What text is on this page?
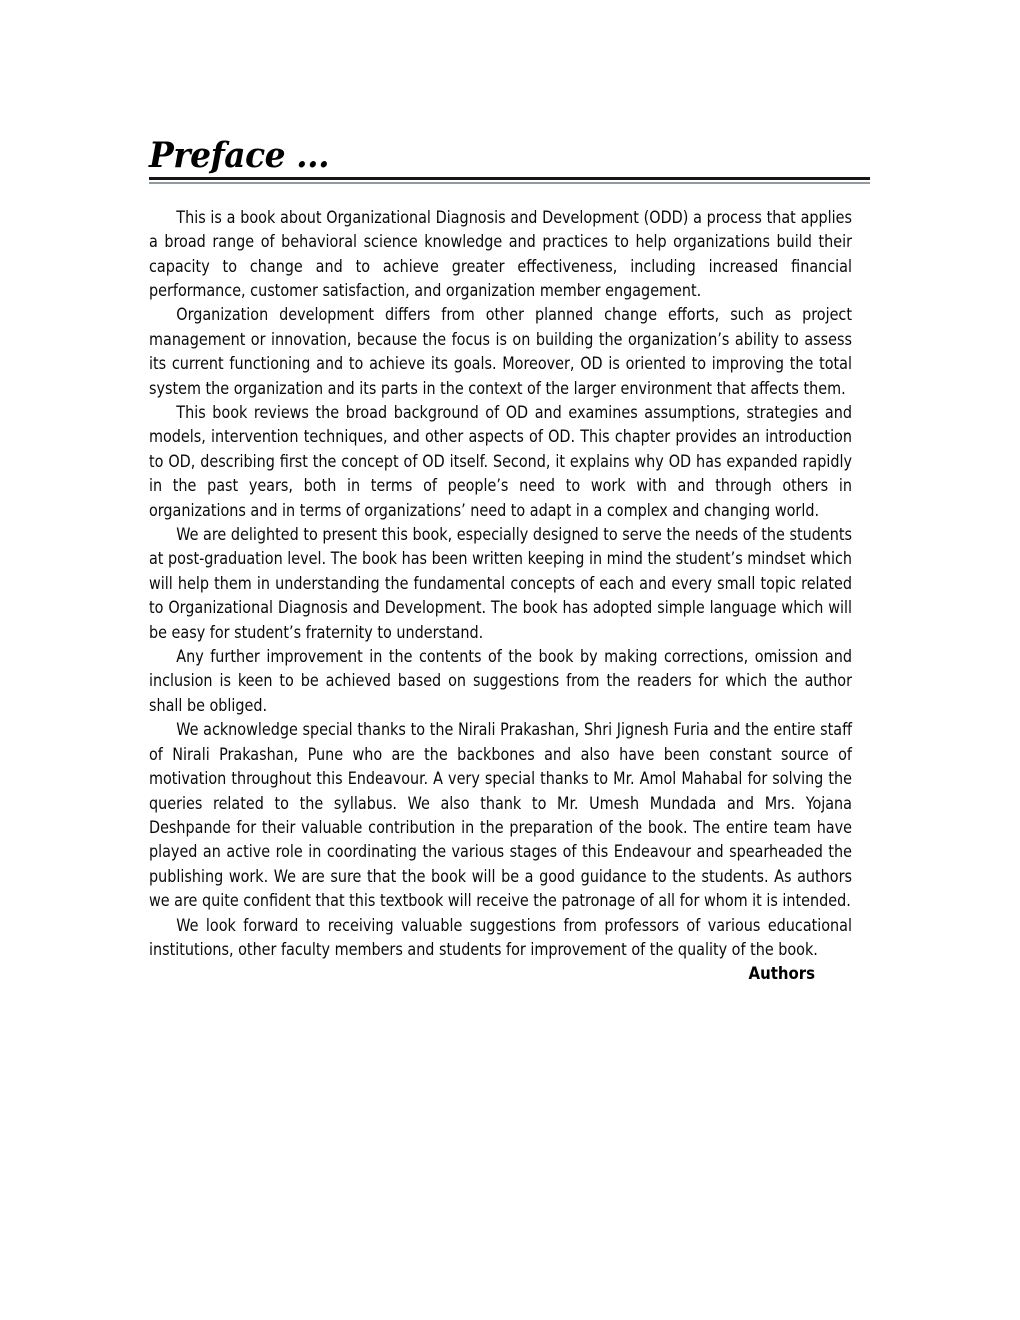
Preface ...

This is a book about Organizational Diagnosis and Development (ODD) a process that applies a broad range of behavioral science knowledge and practices to help organizations build their capacity to change and to achieve greater effectiveness, including increased financial performance, customer satisfaction, and organization member engagement.

Organization development differs from other planned change efforts, such as project management or innovation, because the focus is on building the organization’s ability to assess its current functioning and to achieve its goals. Moreover, OD is oriented to improving the total system the organization and its parts in the context of the larger environment that affects them.

This book reviews the broad background of OD and examines assumptions, strategies and models, intervention techniques, and other aspects of OD. This chapter provides an introduction to OD, describing first the concept of OD itself. Second, it explains why OD has expanded rapidly in the past years, both in terms of people’s need to work with and through others in organizations and in terms of organizations’ need to adapt in a complex and changing world.

We are delighted to present this book, especially designed to serve the needs of the students at post-graduation level. The book has been written keeping in mind the student’s mindset which will help them in understanding the fundamental concepts of each and every small topic related to Organizational Diagnosis and Development. The book has adopted simple language which will be easy for student’s fraternity to understand.

Any further improvement in the contents of the book by making corrections, omission and inclusion is keen to be achieved based on suggestions from the readers for which the author shall be obliged.

We acknowledge special thanks to the Nirali Prakashan, Shri Jignesh Furia and the entire staff of Nirali Prakashan, Pune who are the backbones and also have been constant source of motivation throughout this Endeavour. A very special thanks to Mr. Amol Mahabal for solving the queries related to the syllabus. We also thank to Mr. Umesh Mundada and Mrs. Yojana Deshpande for their valuable contribution in the preparation of the book. The entire team have played an active role in coordinating the various stages of this Endeavour and spearheaded the publishing work. We are sure that the book will be a good guidance to the students. As authors we are quite confident that this textbook will receive the patronage of all for whom it is intended.

We look forward to receiving valuable suggestions from professors of various educational institutions, other faculty members and students for improvement of the quality of the book.

Authors
